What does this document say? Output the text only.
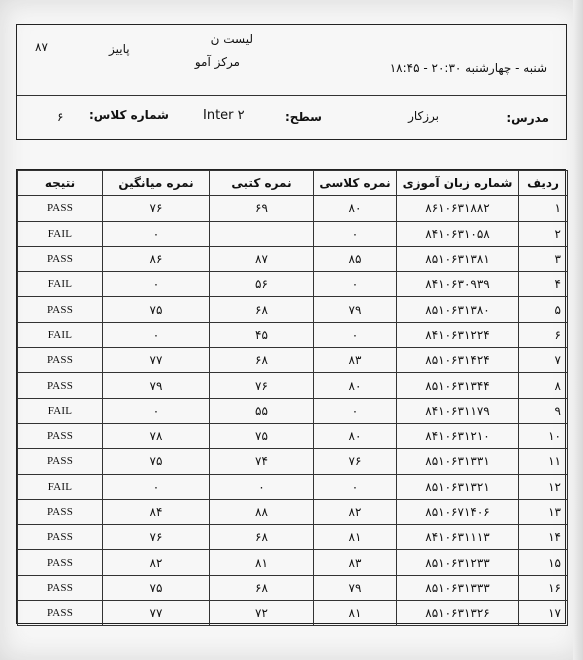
لیست ن
مرکز آمو
۸۷	پاییز
شنبه - چهارشنبه ۲۰:۳۰ - ۱۸:۴۵
مدرس:
برزکار
سطح:
Inter ۲
شماره کلاس:
۶
ردیف	شماره زبان آموزی	نمره کلاسی	نمره کتبی	نمره میانگین	نتیجه
۱	۸۶۱۰۶۳۱۸۸۲	۸۰	۶۹	۷۶	PASS
۲	۸۴۱۰۶۳۱۰۵۸	۰		۰	FAIL
۳	۸۵۱۰۶۳۱۳۸۱	۸۵	۸۷	۸۶	PASS
۴	۸۴۱۰۶۳۰۹۳۹	۰	۵۶	۰	FAIL
۵	۸۵۱۰۶۳۱۳۸۰	۷۹	۶۸	۷۵	PASS
۶	۸۴۱۰۶۳۱۲۲۴	۰	۴۵	۰	FAIL
۷	۸۵۱۰۶۳۱۴۲۴	۸۳	۶۸	۷۷	PASS
۸	۸۵۱۰۶۳۱۳۴۴	۸۰	۷۶	۷۹	PASS
۹	۸۴۱۰۶۳۱۱۷۹	۰	۵۵	۰	FAIL
۱۰	۸۴۱۰۶۳۱۲۱۰	۸۰	۷۵	۷۸	PASS
۱۱	۸۵۱۰۶۳۱۳۳۱	۷۶	۷۴	۷۵	PASS
۱۲	۸۵۱۰۶۳۱۳۲۱	۰	۰	۰	FAIL
۱۳	۸۵۱۰۶۷۱۴۰۶	۸۲	۸۸	۸۴	PASS
۱۴	۸۴۱۰۶۳۱۱۱۳	۸۱	۶۸	۷۶	PASS
۱۵	۸۵۱۰۶۳۱۲۳۳	۸۳	۸۱	۸۲	PASS
۱۶	۸۵۱۰۶۳۱۳۳۳	۷۹	۶۸	۷۵	PASS
۱۷	۸۵۱۰۶۳۱۳۲۶	۸۱	۷۲	۷۷	PASS
